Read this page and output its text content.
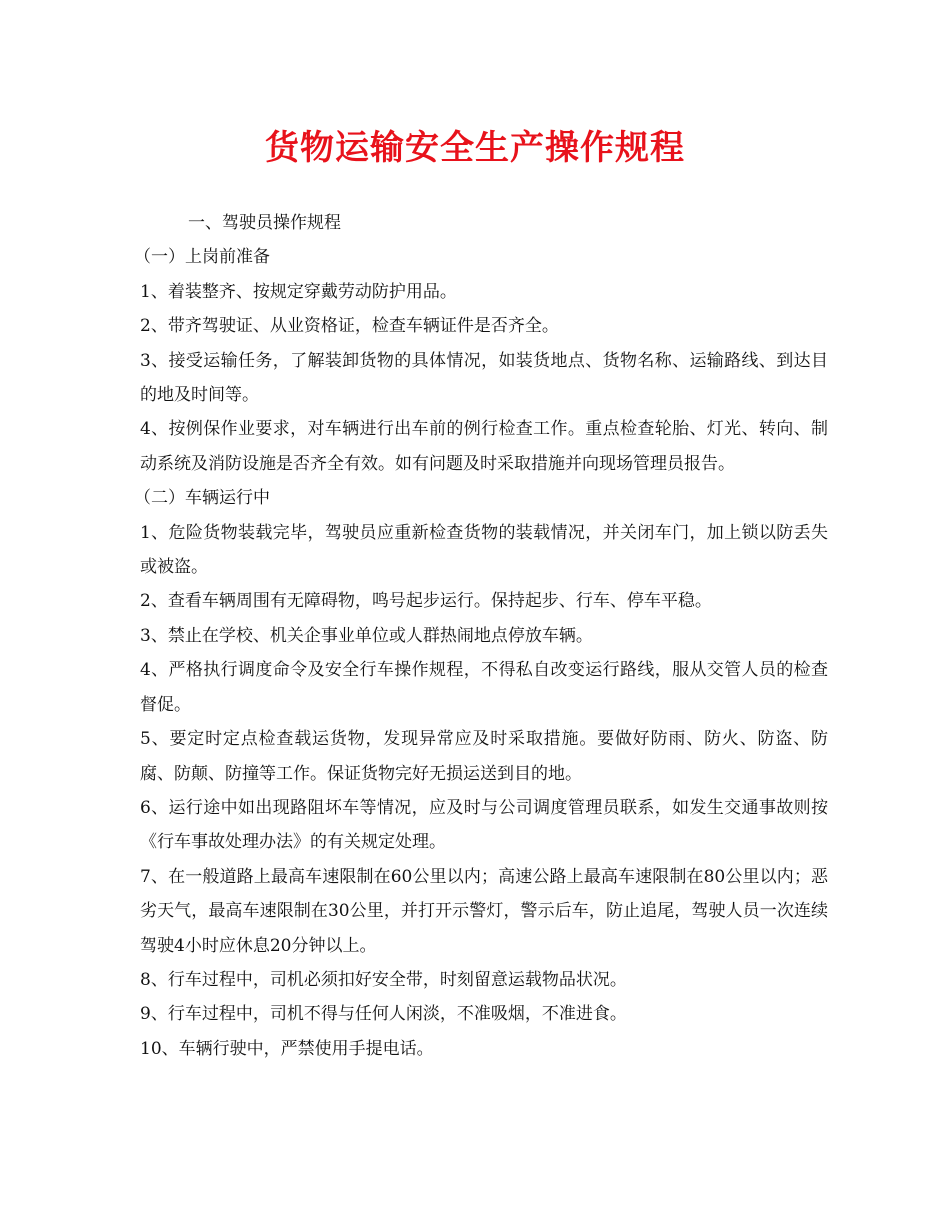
货物运输安全生产操作规程

一、驾驶员操作规程

（一）上岗前准备

1、着装整齐、按规定穿戴劳动防护用品。

2、带齐驾驶证、从业资格证，检查车辆证件是否齐全。

3、接受运输任务，了解装卸货物的具体情况，如装货地点、货物名称、运输路线、到达目的地及时间等。

4、按例保作业要求，对车辆进行出车前的例行检查工作。重点检查轮胎、灯光、转向、制动系统及消防设施是否齐全有效。如有问题及时采取措施并向现场管理员报告。

（二）车辆运行中

1、危险货物装载完毕，驾驶员应重新检查货物的装载情况，并关闭车门，加上锁以防丢失或被盗。

2、查看车辆周围有无障碍物，鸣号起步运行。保持起步、行车、停车平稳。

3、禁止在学校、机关企事业单位或人群热闹地点停放车辆。

4、严格执行调度命令及安全行车操作规程，不得私自改变运行路线，服从交管人员的检查督促。

5、要定时定点检查载运货物，发现异常应及时采取措施。要做好防雨、防火、防盗、防腐、防颠、防撞等工作。保证货物完好无损运送到目的地。

6、运行途中如出现路阻坏车等情况，应及时与公司调度管理员联系，如发生交通事故则按《行车事故处理办法》的有关规定处理。

7、在一般道路上最高车速限制在60公里以内；高速公路上最高车速限制在80公里以内；恶劣天气，最高车速限制在30公里，并打开示警灯，警示后车，防止追尾，驾驶人员一次连续驾驶4小时应休息20分钟以上。

8、行车过程中，司机必须扣好安全带，时刻留意运载物品状况。

9、行车过程中，司机不得与任何人闲淡，不准吸烟，不准进食。

10、车辆行驶中，严禁使用手提电话。
